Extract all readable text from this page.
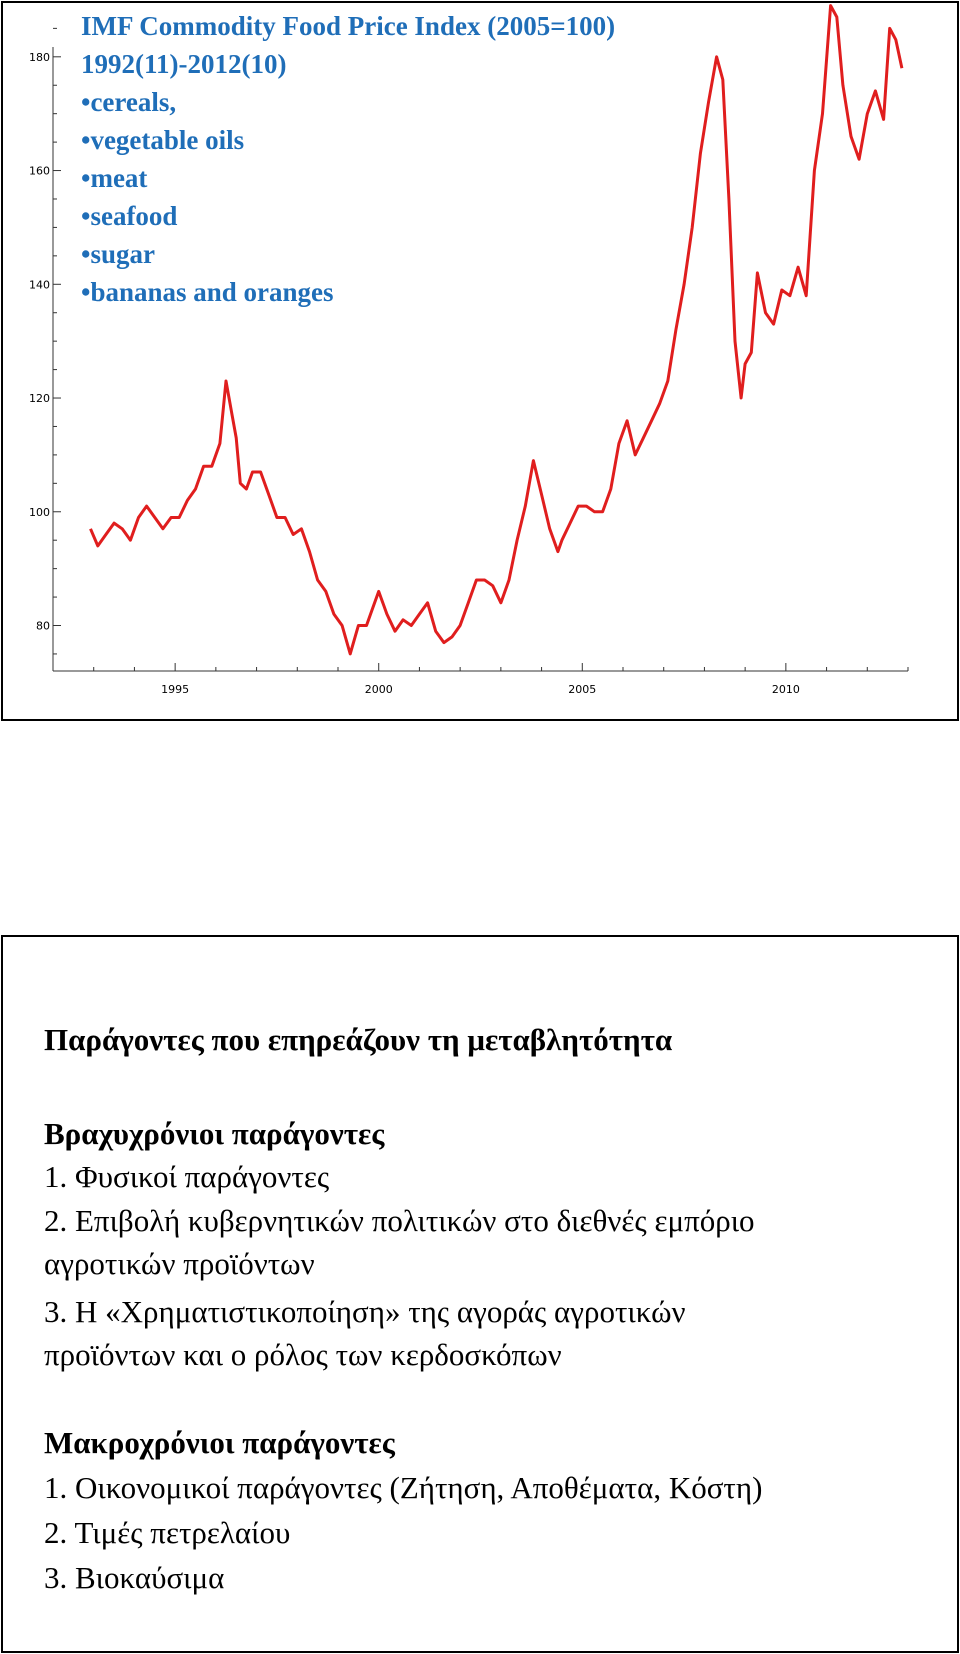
1995	2000	2005	2010
80
100
120
140
160
180
IMF Commodity Food Price Index (2005=100)
1992(11)-2012(10)
•cereals,
•vegetable oils
•meat
•seafood
•sugar
•bananas and oranges
Παράγοντες που επηρεάζουν τη μεταβλητότητα
Βραχυχρόνιοι παράγοντες
1. Φυσικοί παράγοντες
2. Επιβολή κυβερνητικών πολιτικών στο διεθνές εμπόριο
αγροτικών προϊόντων
3. Η «Χρηματιστικοποίηση» της αγοράς αγροτικών
προϊόντων και ο ρόλος των κερδοσκόπων
Μακροχρόνιοι παράγοντες
1. Οικονομικοί παράγοντες (Ζήτηση, Αποθέματα, Κόστη)
2. Τιμές πετρελαίου
3. Βιοκαύσιμα
